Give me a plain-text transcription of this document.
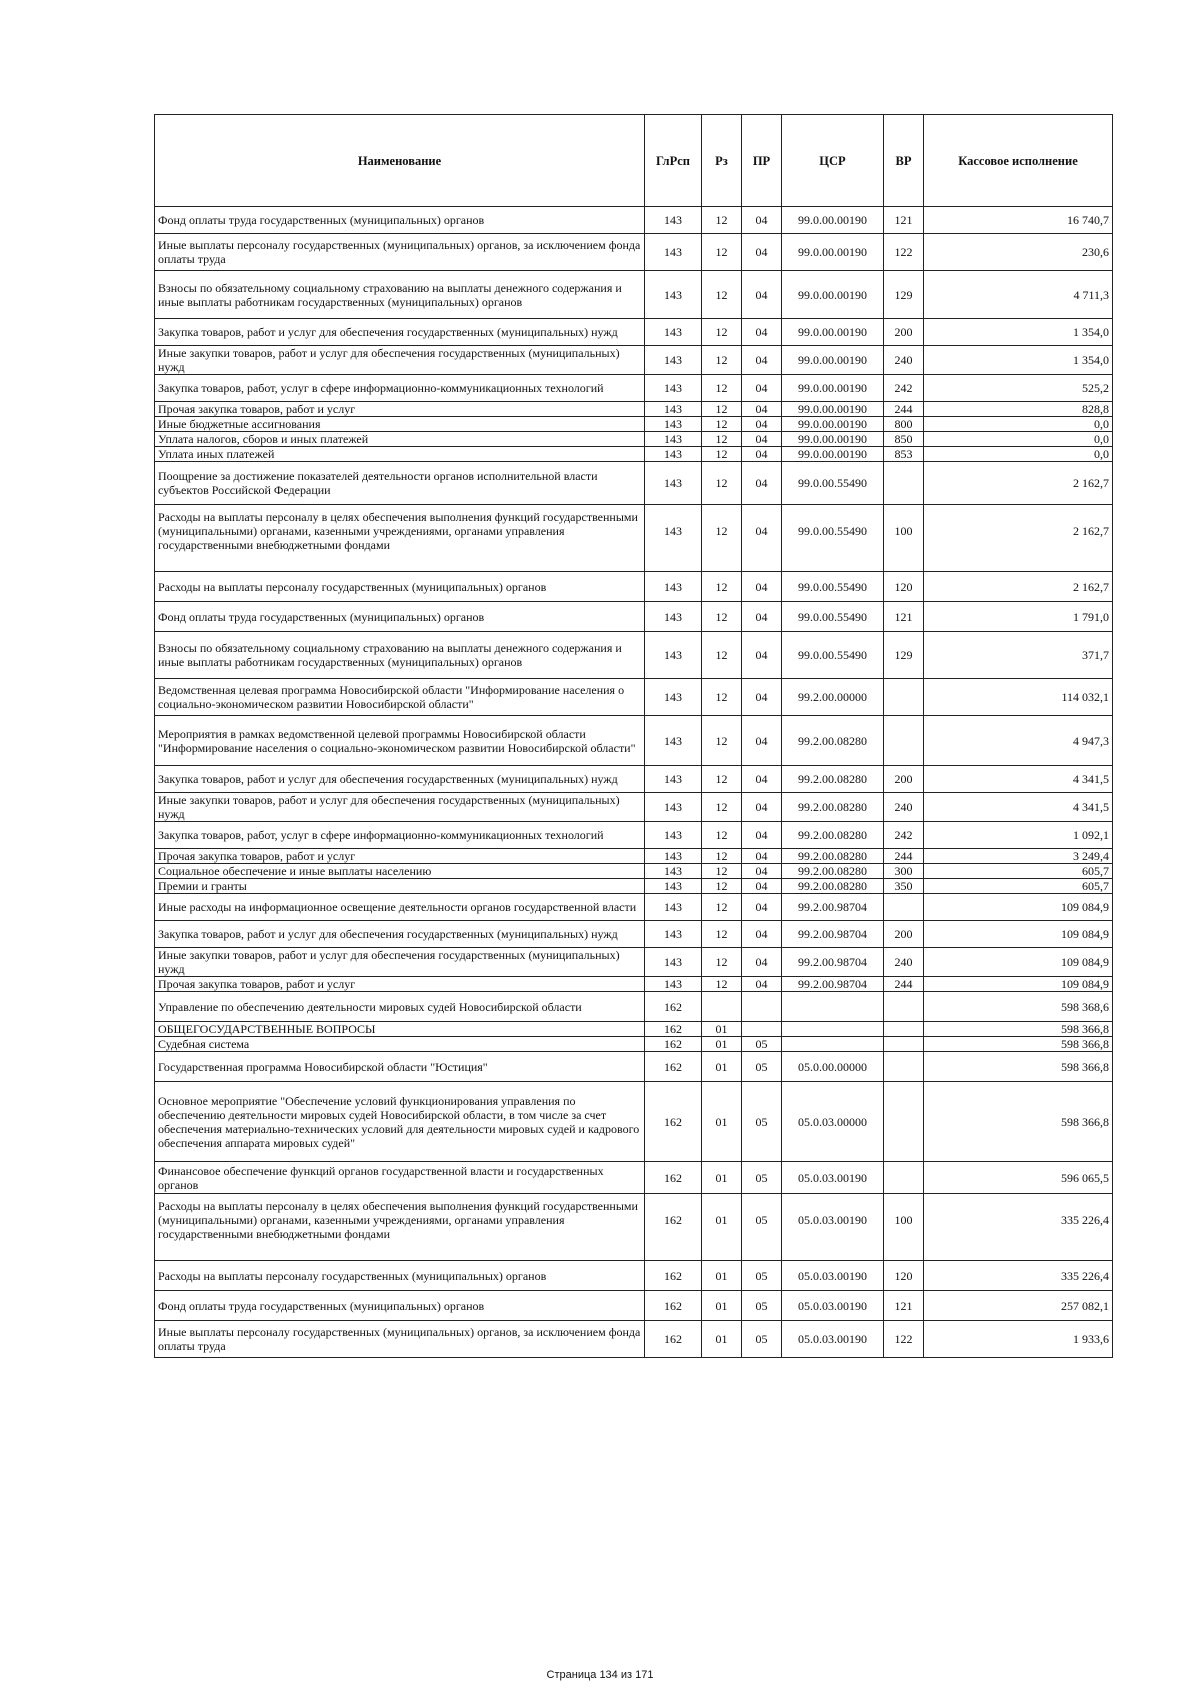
Наименование	ГлРсп	Рз	ПР	ЦСР	ВР	Кассовое исполнение
Фонд оплаты труда государственных (муниципальных) органов	143	12	04	99.0.00.00190	121	16 740,7
Иные выплаты персоналу государственных (муниципальных) органов, за исключением фонда оплаты труда	143	12	04	99.0.00.00190	122	230,6
Взносы по обязательному социальному страхованию на выплаты денежного содержания и иные выплаты работникам государственных (муниципальных) органов	143	12	04	99.0.00.00190	129	4 711,3
Закупка товаров, работ и услуг для обеспечения государственных (муниципальных) нужд	143	12	04	99.0.00.00190	200	1 354,0
Иные закупки товаров, работ и услуг для обеспечения государственных (муниципальных) нужд	143	12	04	99.0.00.00190	240	1 354,0
Закупка товаров, работ, услуг в сфере информационно-коммуникационных технологий	143	12	04	99.0.00.00190	242	525,2
Прочая закупка товаров, работ и услуг	143	12	04	99.0.00.00190	244	828,8
Иные бюджетные ассигнования	143	12	04	99.0.00.00190	800	0,0
Уплата налогов, сборов и иных платежей	143	12	04	99.0.00.00190	850	0,0
Уплата иных платежей	143	12	04	99.0.00.00190	853	0,0
Поощрение за достижение показателей деятельности органов исполнительной власти субъектов Российской Федерации	143	12	04	99.0.00.55490		2 162,7
Расходы на выплаты персоналу в целях обеспечения выполнения функций государственными (муниципальными) органами, казенными учреждениями, органами управления государственными внебюджетными фондами	143	12	04	99.0.00.55490	100	2 162,7
Расходы на выплаты персоналу государственных (муниципальных) органов	143	12	04	99.0.00.55490	120	2 162,7
Фонд оплаты труда государственных (муниципальных) органов	143	12	04	99.0.00.55490	121	1 791,0
Взносы по обязательному социальному страхованию на выплаты денежного содержания и иные выплаты работникам государственных (муниципальных) органов	143	12	04	99.0.00.55490	129	371,7
Ведомственная целевая программа Новосибирской области "Информирование населения о социально-экономическом развитии Новосибирской области"	143	12	04	99.2.00.00000		114 032,1
Мероприятия в рамках ведомственной целевой программы Новосибирской области "Информирование населения о социально-экономическом развитии Новосибирской области"	143	12	04	99.2.00.08280		4 947,3
Закупка товаров, работ и услуг для обеспечения государственных (муниципальных) нужд	143	12	04	99.2.00.08280	200	4 341,5
Иные закупки товаров, работ и услуг для обеспечения государственных (муниципальных) нужд	143	12	04	99.2.00.08280	240	4 341,5
Закупка товаров, работ, услуг в сфере информационно-коммуникационных технологий	143	12	04	99.2.00.08280	242	1 092,1
Прочая закупка товаров, работ и услуг	143	12	04	99.2.00.08280	244	3 249,4
Социальное обеспечение и иные выплаты населению	143	12	04	99.2.00.08280	300	605,7
Премии и гранты	143	12	04	99.2.00.08280	350	605,7
Иные расходы на информационное освещение деятельности органов государственной власти	143	12	04	99.2.00.98704		109 084,9
Закупка товаров, работ и услуг для обеспечения государственных (муниципальных) нужд	143	12	04	99.2.00.98704	200	109 084,9
Иные закупки товаров, работ и услуг для обеспечения государственных (муниципальных) нужд	143	12	04	99.2.00.98704	240	109 084,9
Прочая закупка товаров, работ и услуг	143	12	04	99.2.00.98704	244	109 084,9
Управление по обеспечению деятельности мировых судей Новосибирской области	162					598 368,6
ОБЩЕГОСУДАРСТВЕННЫЕ ВОПРОСЫ	162	01				598 366,8
Судебная система	162	01	05			598 366,8
Государственная программа Новосибирской области "Юстиция"	162	01	05	05.0.00.00000		598 366,8
Основное мероприятие "Обеспечение условий функционирования управления по обеспечению деятельности мировых судей Новосибирской области, в том числе за счет обеспечения материально-технических условий для деятельности мировых судей и кадрового обеспечения аппарата мировых судей"	162	01	05	05.0.03.00000		598 366,8
Финансовое обеспечение функций органов государственной власти и государственных органов	162	01	05	05.0.03.00190		596 065,5
Расходы на выплаты персоналу в целях обеспечения выполнения функций государственными (муниципальными) органами, казенными учреждениями, органами управления государственными внебюджетными фондами	162	01	05	05.0.03.00190	100	335 226,4
Расходы на выплаты персоналу государственных (муниципальных) органов	162	01	05	05.0.03.00190	120	335 226,4
Фонд оплаты труда государственных (муниципальных) органов	162	01	05	05.0.03.00190	121	257 082,1
Иные выплаты персоналу государственных (муниципальных) органов, за исключением фонда оплаты труда	162	01	05	05.0.03.00190	122	1 933,6
Страница 134 из 171
